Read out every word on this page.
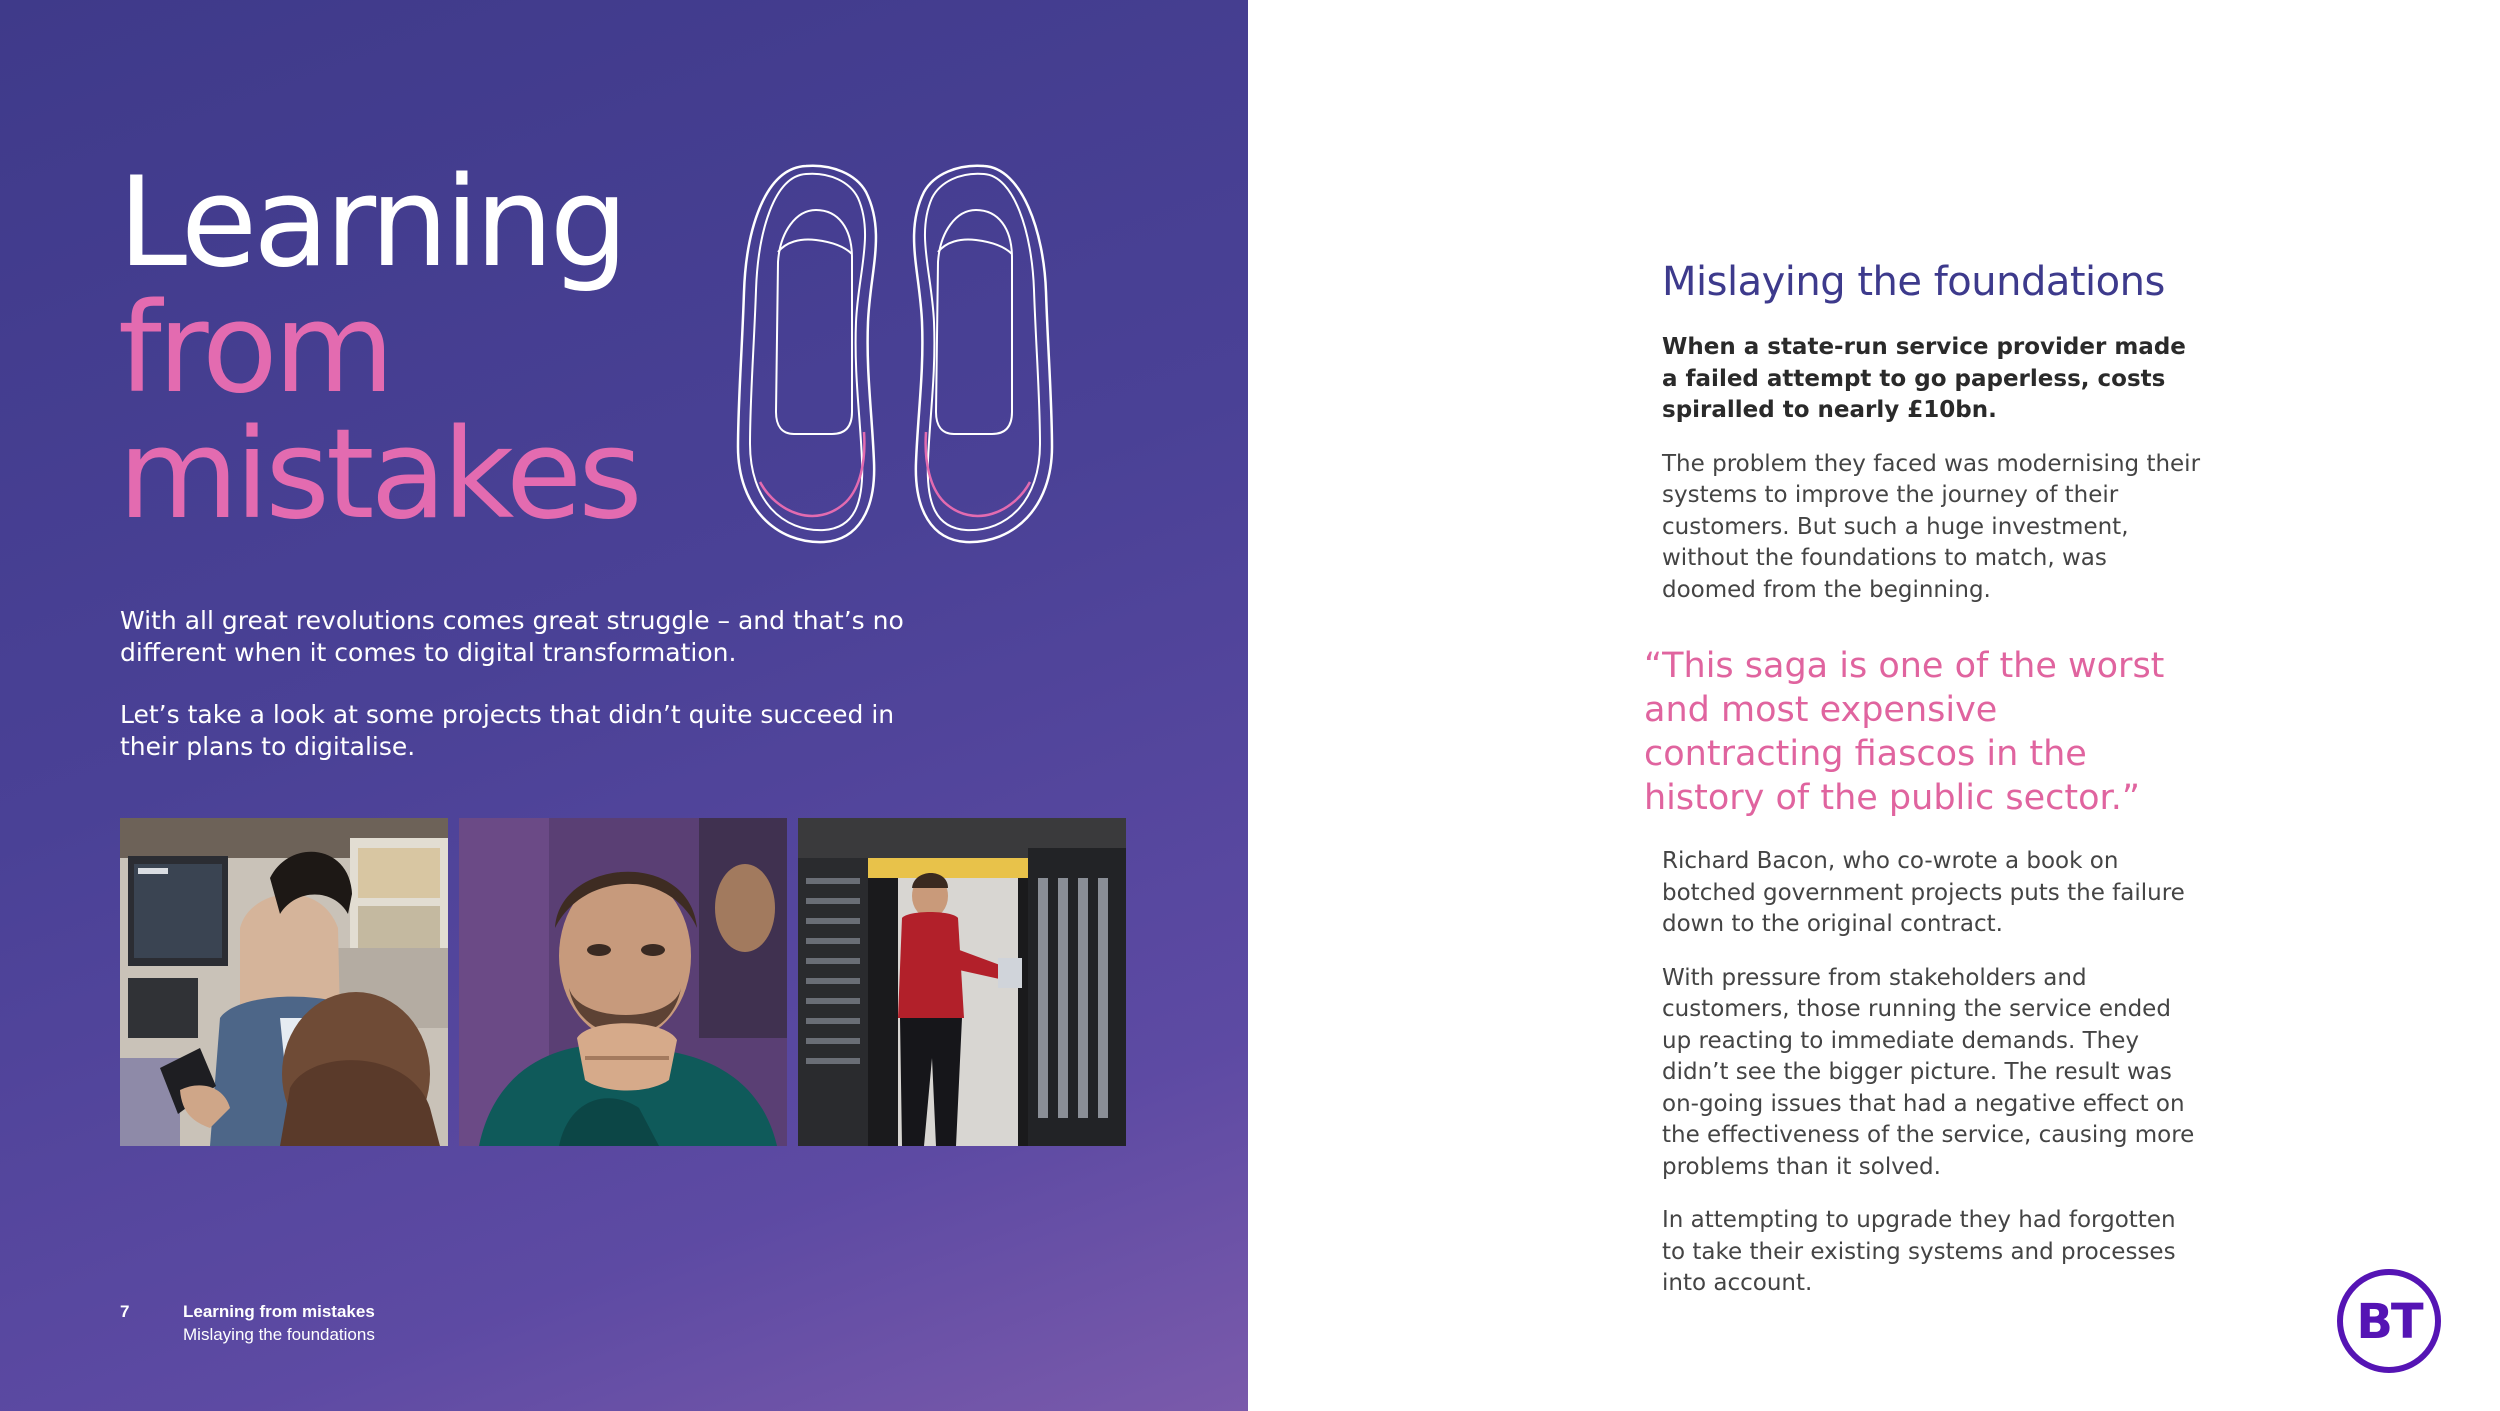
Learning
from
mistakes

With all great revolutions comes great struggle – and that’s no different when it comes to digital transformation.

Let’s take a look at some projects that didn’t quite succeed in their plans to digitalise.

7	Learning from mistakes
Mislaying the foundations
Mislaying the foundations

When a state-run service provider made a failed attempt to go paperless, costs spiralled to nearly £10bn.

The problem they faced was modernising their systems to improve the journey of their customers. But such a huge investment, without the foundations to match, was doomed from the beginning.

“This saga is one of the worst and most expensive contracting fiascos in the history of the public sector.”

Richard Bacon, who co-wrote a book on botched government projects puts the failure down to the original contract.

With pressure from stakeholders and customers, those running the service ended up reacting to immediate demands. They didn’t see the bigger picture. The result was on-going issues that had a negative effect on the effectiveness of the service, causing more problems than it solved.

In attempting to upgrade they had forgotten to take their existing systems and processes into account.

BT
